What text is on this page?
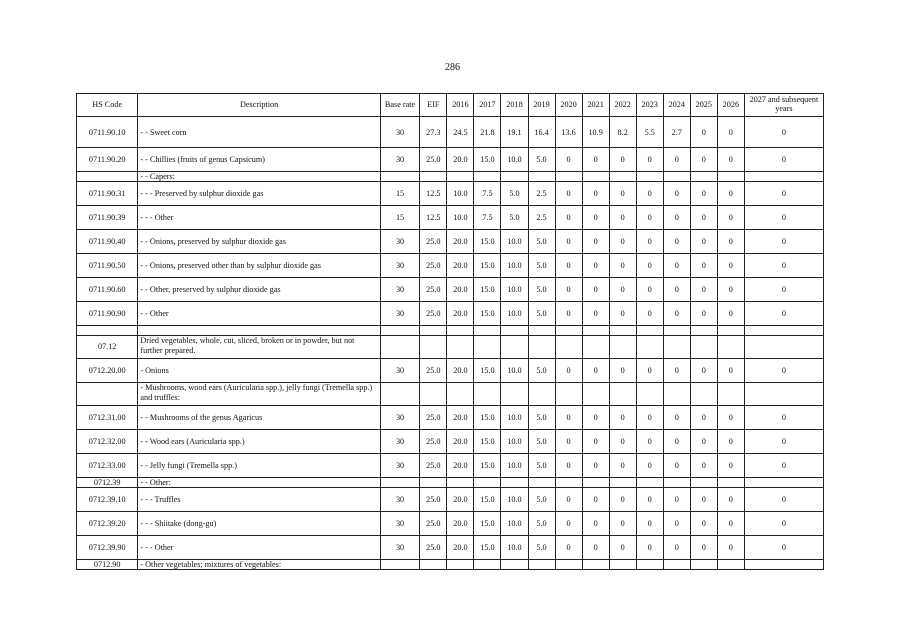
286
HS Code	Description	Base rate	EIF	2016	2017	2018	2019	2020	2021	2022	2023	2024	2025	2026	2027 and subsequent years
0711.90.10	- - Sweet corn	30	27.3	24.5	21.8	19.1	16.4	13.6	10.9	8.2	5.5	2.7	0	0	0
0711.90.20	- - Chillies (fruits of genus Capsicum)	30	25.0	20.0	15.0	10.0	5.0	0	0	0	0	0	0	0	0
	- - Capers:														
0711.90.31	- - - Preserved by sulphur dioxide gas	15	12.5	10.0	7.5	5.0	2.5	0	0	0	0	0	0	0	0
0711.90.39	- - - Other	15	12.5	10.0	7.5	5.0	2.5	0	0	0	0	0	0	0	0
0711.90.40	- - Onions, preserved by sulphur dioxide gas	30	25.0	20.0	15.0	10.0	5.0	0	0	0	0	0	0	0	0
0711.90.50	- - Onions, preserved other than by sulphur dioxide gas	30	25.0	20.0	15.0	10.0	5.0	0	0	0	0	0	0	0	0
0711.90.60	- - Other, preserved by sulphur dioxide gas	30	25.0	20.0	15.0	10.0	5.0	0	0	0	0	0	0	0	0
0711.90.90	- - Other	30	25.0	20.0	15.0	10.0	5.0	0	0	0	0	0	0	0	0

07.12	Dried vegetables, whole, cut, sliced, broken or in powder, but not further prepared.														
0712.20.00	- Onions	30	25.0	20.0	15.0	10.0	5.0	0	0	0	0	0	0	0	0
	- Mushrooms, wood ears (Auricularia spp.), jelly fungi (Tremella spp.) and truffles:														
0712.31.00	- - Mushrooms of the genus Agaricus	30	25.0	20.0	15.0	10.0	5.0	0	0	0	0	0	0	0	0
0712.32.00	- - Wood ears (Auricularia spp.)	30	25.0	20.0	15.0	10.0	5.0	0	0	0	0	0	0	0	0
0712.33.00	- - Jelly fungi (Tremella spp.)	30	25.0	20.0	15.0	10.0	5.0	0	0	0	0	0	0	0	0
0712.39	- - Other:														
0712.39.10	- - - Truffles	30	25.0	20.0	15.0	10.0	5.0	0	0	0	0	0	0	0	0
0712.39.20	- - - Shiitake (dong-gu)	30	25.0	20.0	15.0	10.0	5.0	0	0	0	0	0	0	0	0
0712.39.90	- - - Other	30	25.0	20.0	15.0	10.0	5.0	0	0	0	0	0	0	0	0
0712.90	- Other vegetables; mixtures of vegetables:														
